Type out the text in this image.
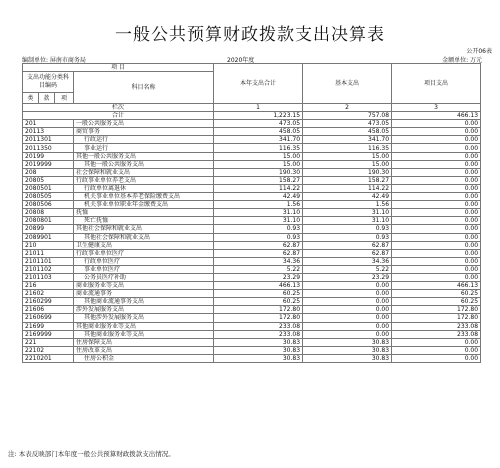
一般公共预算财政拨款支出决算表
公开06表
编制单位: 屏南市商务局	2020年度	金额单位: 万元
项 目				本年支出合计	基本支出	项目支出
支出功能分类科目编码			科目名称			

类	款	项				
栏次				1	2	3
合计				1,223.15	757.08	466.13
201			一般公共服务支出	473.05	473.05	0.00
20113			商贸事务	458.05	458.05	0.00
2011301			行政运行	341.70	341.70	0.00
2011350			事业运行	116.35	116.35	0.00
20199			其他一般公共服务支出	15.00	15.00	0.00
2019999			其他一般公共服务支出	15.00	15.00	0.00
208			社会保障和就业支出	190.30	190.30	0.00
20805			行政事业单位养老支出	158.27	158.27	0.00
2080501			行政单位离退休	114.22	114.22	0.00
2080505			机关事业单位基本养老保险缴费支出	42.49	42.49	0.00
2080506			机关事业单位职业年金缴费支出	1.56	1.56	0.00
20808			抚恤	31.10	31.10	0.00
2080801			死亡抚恤	31.10	31.10	0.00
20899			其他社会保障和就业支出	0.93	0.93	0.00
2089901			其他社会保障和就业支出	0.93	0.93	0.00
210			卫生健康支出	62.87	62.87	0.00
21011			行政事业单位医疗	62.87	62.87	0.00
2101101			行政单位医疗	34.36	34.36	0.00
2101102			事业单位医疗	5.22	5.22	0.00
2101103			公务员医疗补助	23.29	23.29	0.00
216			商业服务业等支出	466.13	0.00	466.13
21602			商业流通事务	60.25	0.00	60.25
2160299			其他商业流通事务支出	60.25	0.00	60.25
21606			涉外发展服务支出	172.80	0.00	172.80
2160699			其他涉外发展服务支出	172.80	0.00	172.80
21699			其他商业服务业等支出	233.08	0.00	233.08
2169999			其他商业服务业等支出	233.08	0.00	233.08
221			住房保障支出	30.83	30.83	0.00
22102			住房改革支出	30.83	30.83	0.00
2210201			住房公积金	30.83	30.83	0.00
注: 本表反映部门本年度一般公共预算财政拨款支出情况。
